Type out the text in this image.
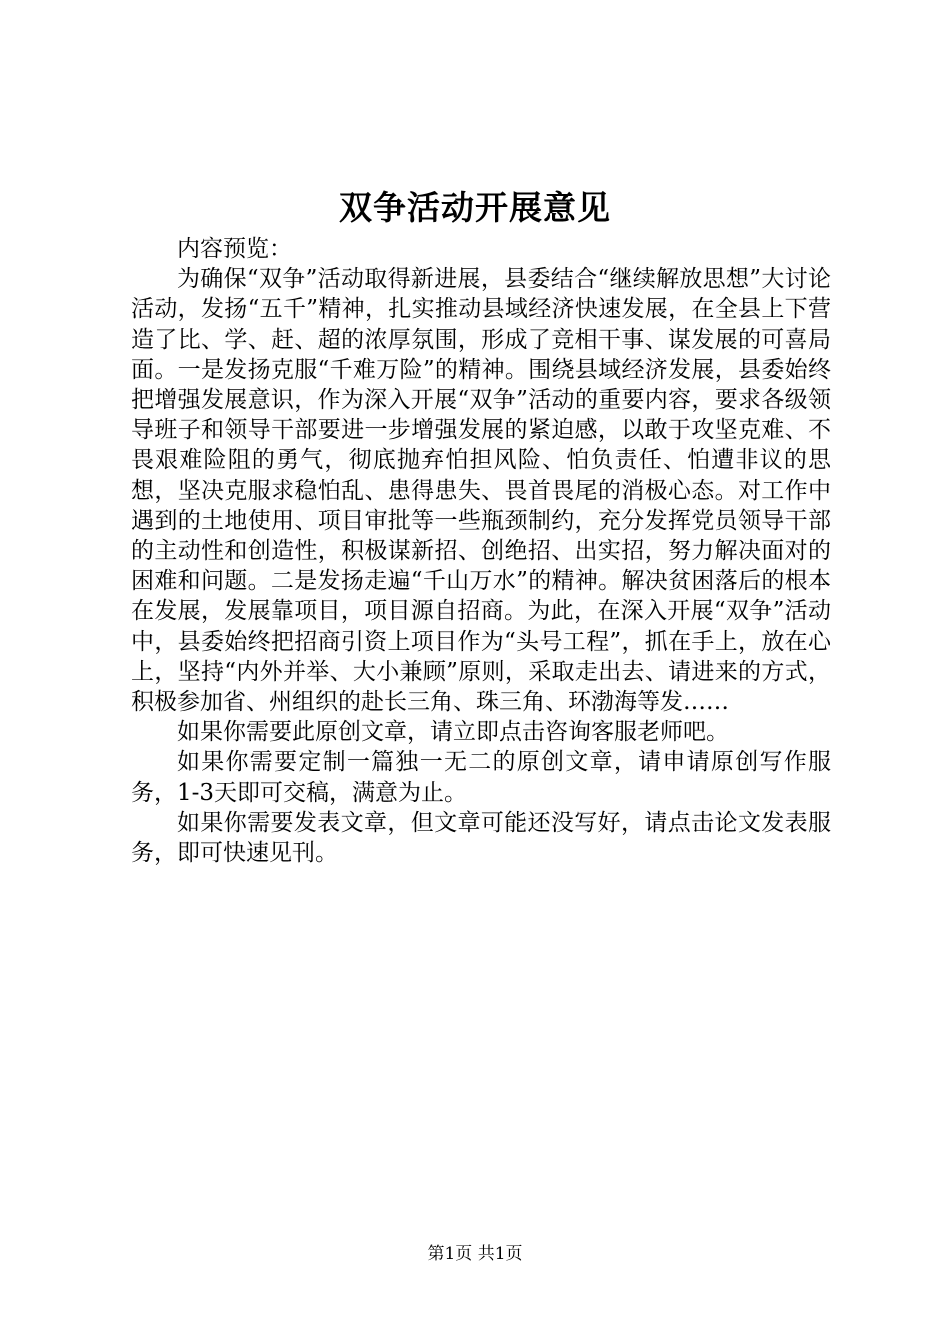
双争活动开展意见

内容预览：

为确保“双争”活动取得新进展，县委结合“继续解放思想”大讨论活动，发扬“五千”精神，扎实推动县域经济快速发展，在全县上下营造了比、学、赶、超的浓厚氛围，形成了竞相干事、谋发展的可喜局面。一是发扬克服“千难万险”的精神。围绕县域经济发展，县委始终把增强发展意识，作为深入开展“双争”活动的重要内容，要求各级领导班子和领导干部要进一步增强发展的紧迫感，以敢于攻坚克难、不畏艰难险阻的勇气，彻底抛弃怕担风险、怕负责任、怕遭非议的思想，坚决克服求稳怕乱、患得患失、畏首畏尾的消极心态。对工作中遇到的土地使用、项目审批等一些瓶颈制约，充分发挥党员领导干部的主动性和创造性，积极谋新招、创绝招、出实招，努力解决面对的困难和问题。二是发扬走遍“千山万水”的精神。解决贫困落后的根本在发展，发展靠项目，项目源自招商。为此，在深入开展“双争”活动中，县委始终把招商引资上项目作为“头号工程”，抓在手上，放在心上，坚持“内外并举、大小兼顾”原则，采取走出去、请进来的方式，积极参加省、州组织的赴长三角、珠三角、环渤海等发……

如果你需要此原创文章，请立即点击咨询客服老师吧。

如果你需要定制一篇独一无二的原创文章，请申请原创写作服务，1-3天即可交稿，满意为止。

如果你需要发表文章，但文章可能还没写好，请点击论文发表服务，即可快速见刊。

第1页 共1页
